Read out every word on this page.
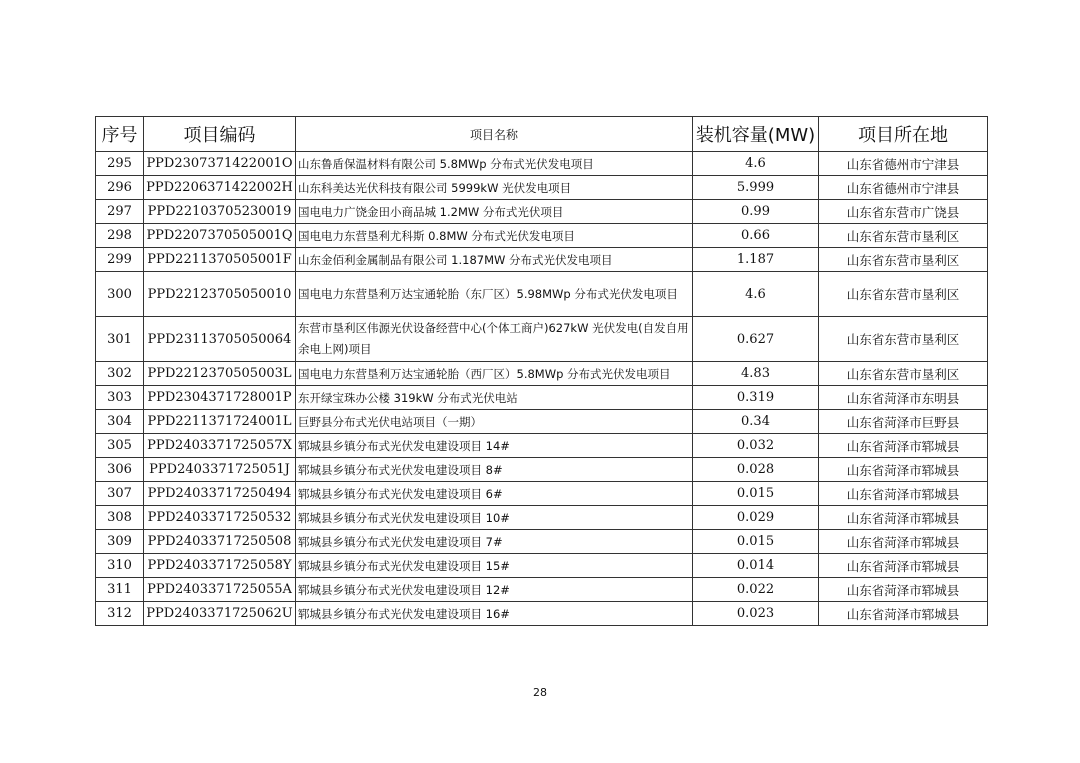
序号	项目编码	项目名称	装机容量(MW)	项目所在地
295	PPD2307371422001O	山东鲁盾保温材料有限公司 5.8MWp 分布式光伏发电项目	4.6	山东省德州市宁津县
296	PPD2206371422002H	山东科美达光伏科技有限公司 5999kW 光伏发电项目	5.999	山东省德州市宁津县
297	PPD22103705230019	国电电力广饶金田小商品城 1.2MW 分布式光伏项目	0.99	山东省东营市广饶县
298	PPD2207370505001Q	国电电力东营垦利尤科斯 0.8MW 分布式光伏发电项目	0.66	山东省东营市垦利区
299	PPD2211370505001F	山东金佰利金属制品有限公司 1.187MW 分布式光伏发电项目	1.187	山东省东营市垦利区
300	PPD22123705050010	国电电力东营垦利万达宝通轮胎（东厂区）5.98MWp 分布式光伏发电项目	4.6	山东省东营市垦利区
301	PPD23113705050064	东营市垦利区伟源光伏设备经营中心(个体工商户)627kW 光伏发电(自发自用余电上网)项目	0.627	山东省东营市垦利区
302	PPD2212370505003L	国电电力东营垦利万达宝通轮胎（西厂区）5.8MWp 分布式光伏发电项目	4.83	山东省东营市垦利区
303	PPD2304371728001P	东开绿宝珠办公楼 319kW 分布式光伏电站	0.319	山东省菏泽市东明县
304	PPD2211371724001L	巨野县分布式光伏电站项目（一期）	0.34	山东省菏泽市巨野县
305	PPD2403371725057X	郓城县乡镇分布式光伏发电建设项目 14#	0.032	山东省菏泽市郓城县
306	PPD2403371725051J	郓城县乡镇分布式光伏发电建设项目 8#	0.028	山东省菏泽市郓城县
307	PPD24033717250494	郓城县乡镇分布式光伏发电建设项目 6#	0.015	山东省菏泽市郓城县
308	PPD24033717250532	郓城县乡镇分布式光伏发电建设项目 10#	0.029	山东省菏泽市郓城县
309	PPD24033717250508	郓城县乡镇分布式光伏发电建设项目 7#	0.015	山东省菏泽市郓城县
310	PPD2403371725058Y	郓城县乡镇分布式光伏发电建设项目 15#	0.014	山东省菏泽市郓城县
311	PPD2403371725055A	郓城县乡镇分布式光伏发电建设项目 12#	0.022	山东省菏泽市郓城县
312	PPD2403371725062U	郓城县乡镇分布式光伏发电建设项目 16#	0.023	山东省菏泽市郓城县
28
